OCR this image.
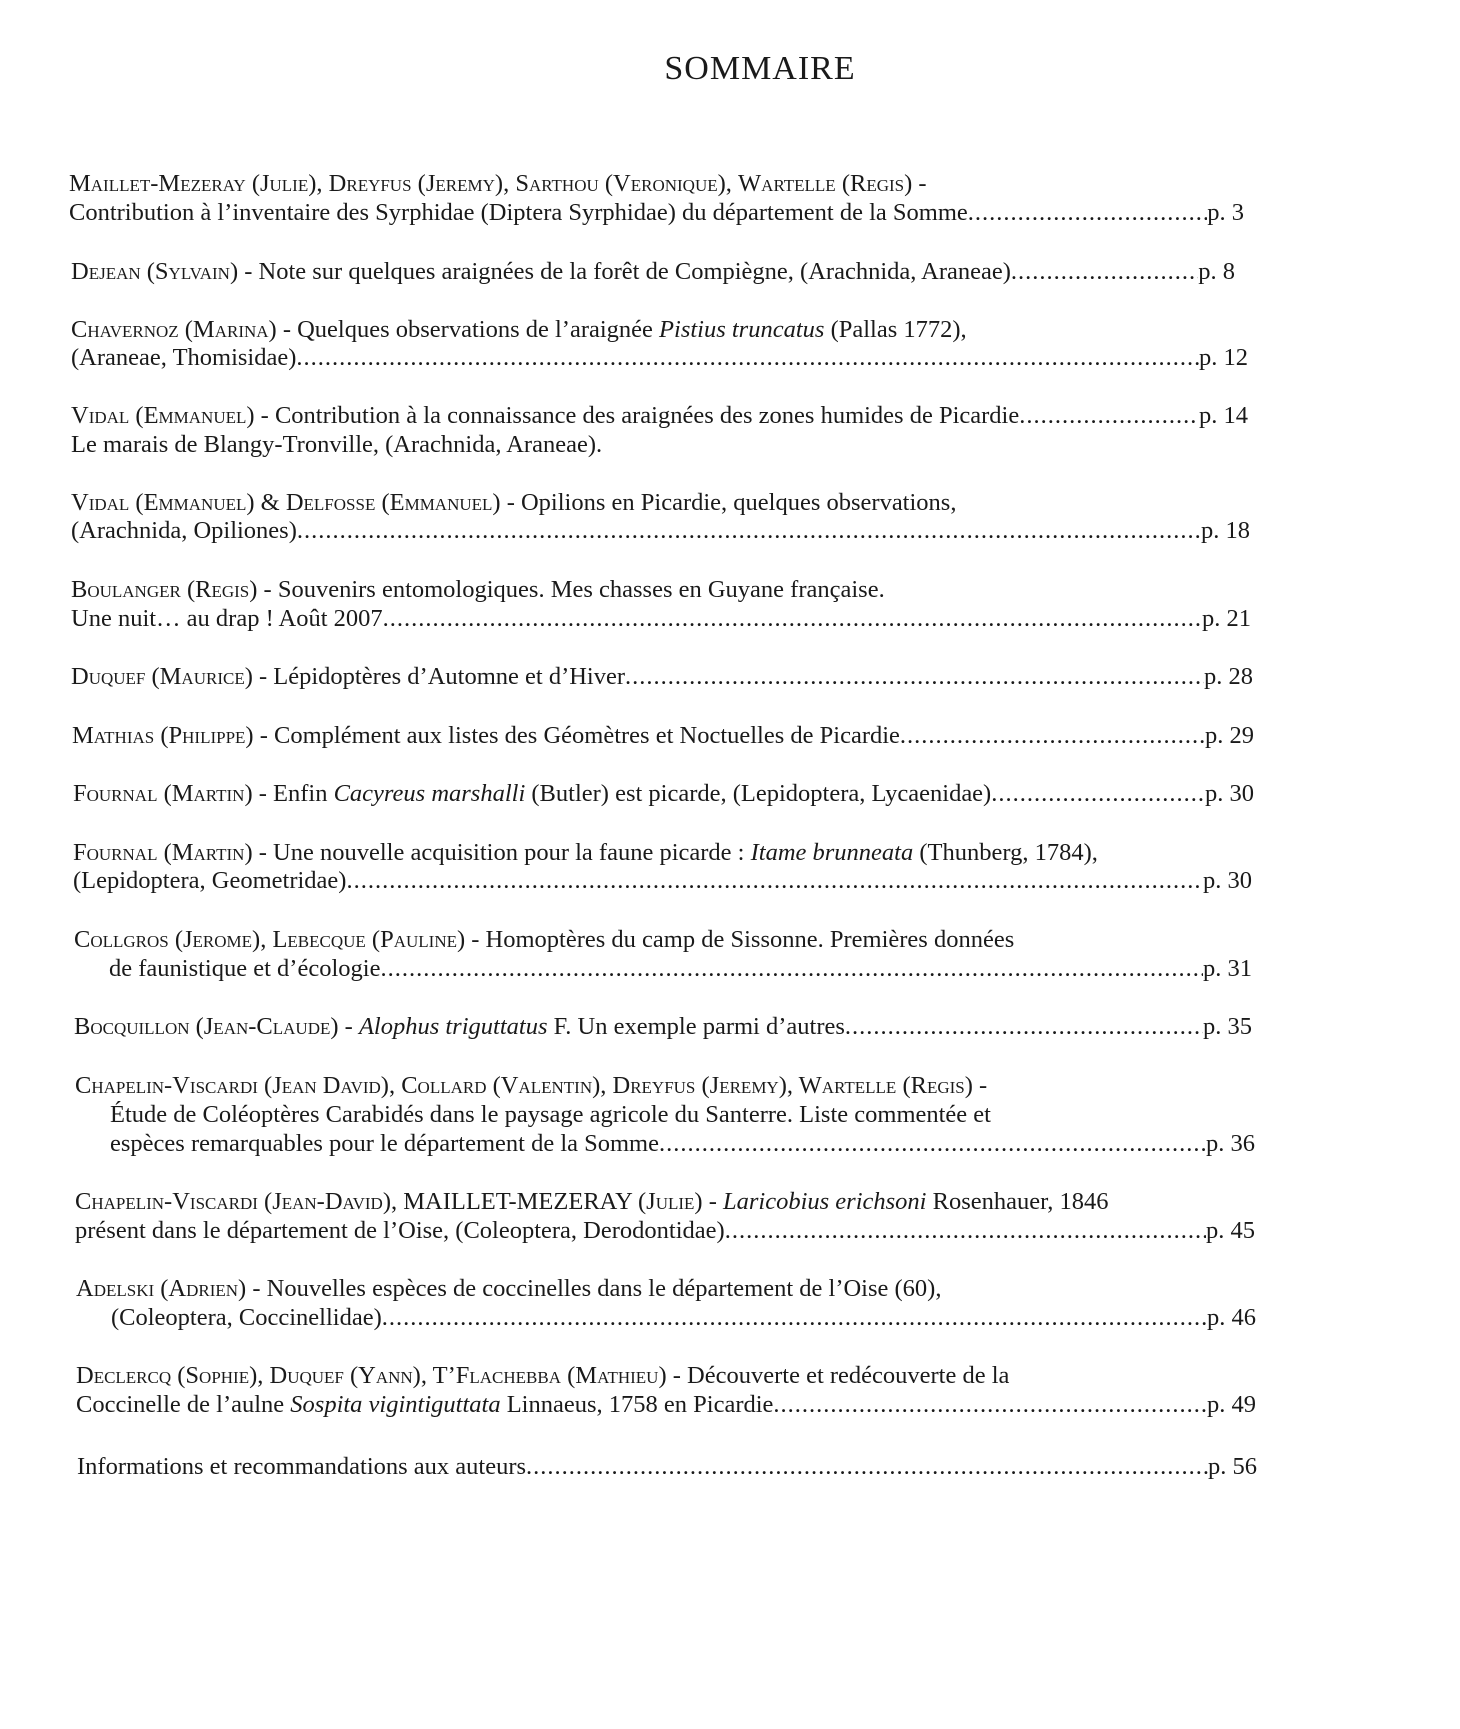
SOMMAIRE
Maillet-Mezeray (Julie), Dreyfus (Jeremy), Sarthou (Veronique), Wartelle (Regis) -
Contribution à l’inventaire des Syrphidae (Diptera Syrphidae) du département de la Somme .....	p. 3
Dejean (Sylvain) - Note sur quelques araignées de la forêt de Compiègne, (Arachnida, Araneae) .....	p. 8
Chavernoz (Marina) - Quelques observations de l’araignée Pistius truncatus (Pallas 1772),
(Araneae, Thomisidae) .....	p. 12
Vidal (Emmanuel) - Contribution à la connaissance des araignées des zones humides de Picardie .....	p. 14
Le marais de Blangy-Tronville, (Arachnida, Araneae).
Vidal (Emmanuel) & Delfosse (Emmanuel) - Opilions en Picardie, quelques observations,
(Arachnida, Opiliones) .....	p. 18
Boulanger (Regis) - Souvenirs entomologiques. Mes chasses en Guyane française.
Une nuit… au drap ! Août 2007 .....	p. 21
Duquef (Maurice) - Lépidoptères d’Automne et d’Hiver .....	p. 28
Mathias (Philippe) - Complément aux listes des Géomètres et Noctuelles de Picardie .....	p. 29
Fournal (Martin) - Enfin Cacyreus marshalli (Butler) est picarde, (Lepidoptera, Lycaenidae) .....	p. 30
Fournal (Martin) - Une nouvelle acquisition pour la faune picarde : Itame brunneata (Thunberg, 1784),
(Lepidoptera, Geometridae) .....	p. 30
Collgros (Jerome), Lebecque (Pauline) - Homoptères du camp de Sissonne. Premières données
de faunistique et d’écologie .....	p. 31
Bocquillon (Jean-Claude) - Alophus triguttatus F. Un exemple parmi d’autres .....	p. 35
Chapelin-Viscardi (Jean David), Collard (Valentin), Dreyfus (Jeremy), Wartelle (Regis) -
Étude de Coléoptères Carabidés dans le paysage agricole du Santerre. Liste commentée et
espèces remarquables pour le département de la Somme .....	p. 36
Chapelin-Viscardi (Jean-David), MAILLET-MEZERAY (Julie) - Laricobius erichsoni Rosenhauer, 1846
présent dans le département de l’Oise, (Coleoptera, Derodontidae) .....	p. 45
Adelski (Adrien) - Nouvelles espèces de coccinelles dans le département de l’Oise (60),
(Coleoptera, Coccinellidae) .....	p. 46
Declercq (Sophie), Duquef (Yann), T’Flachebba (Mathieu) - Découverte et redécouverte de la
Coccinelle de l’aulne Sospita vigintiguttata Linnaeus, 1758 en Picardie .....	p. 49
Informations et recommandations aux auteurs .....	p. 56
